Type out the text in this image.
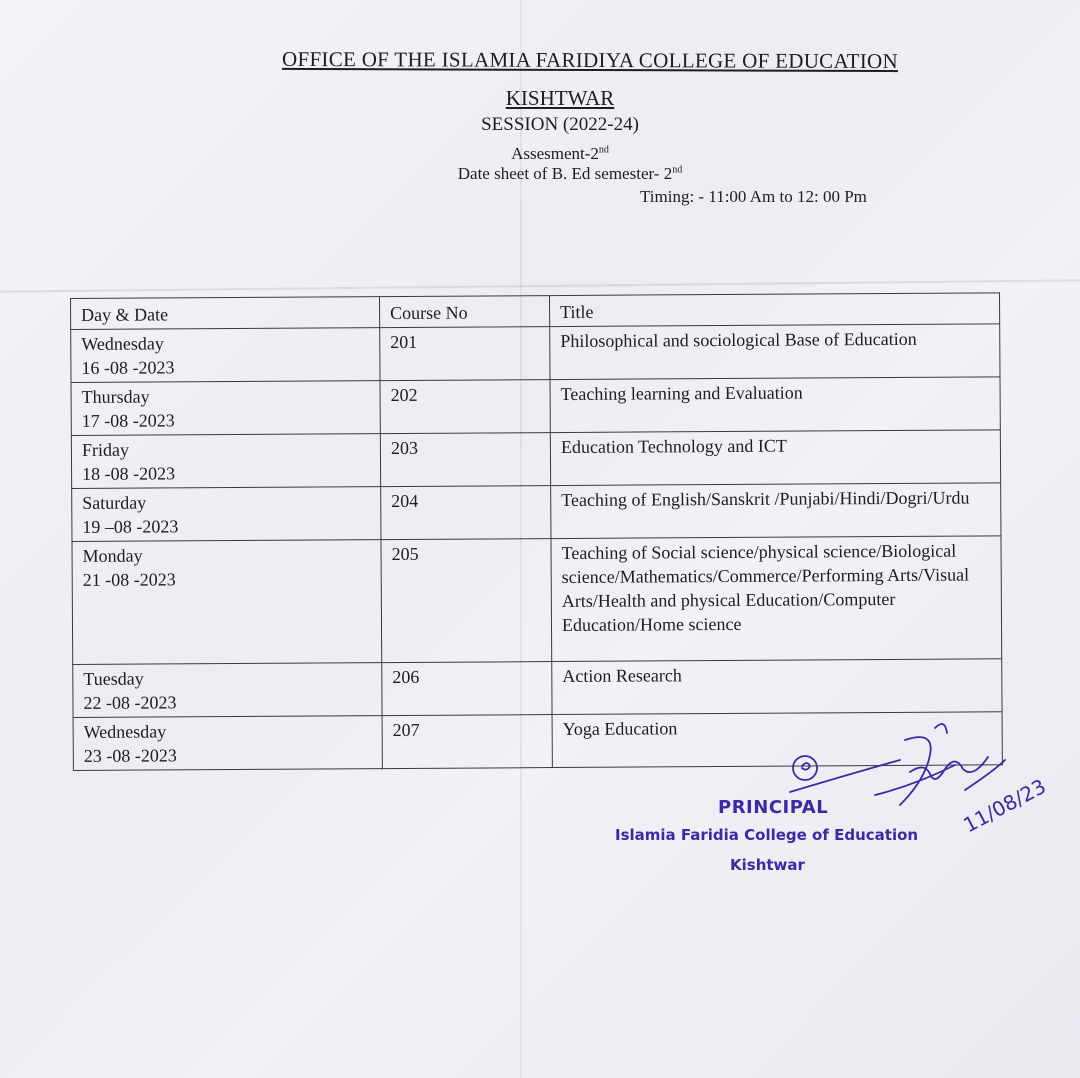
OFFICE OF THE ISLAMIA FARIDIYA COLLEGE OF EDUCATION
KISHTWAR
SESSION (2022-24)
Assesment-2nd
Date sheet of B. Ed semester- 2nd
Timing: - 11:00 Am to 12: 00 Pm
Day & Date	Course No	Title

Wednesday
16 -08 -2023	201	Philosophical and sociological Base of Education

Thursday
17 -08 -2023	202	Teaching learning and Evaluation

Friday
18 -08 -2023	203	Education Technology and ICT

Saturday
19 –08 -2023	204	Teaching of English/Sanskrit /Punjabi/Hindi/Dogri/Urdu

Monday
21 -08 -2023	205	Teaching of Social science/physical science/Biological science/Mathematics/Commerce/Performing Arts/Visual Arts/Health and physical Education/Computer Education/Home science

Tuesday
22 -08 -2023	206	Action Research

Wednesday
23 -08 -2023	207	Yoga Education
11/08/23
PRINCIPAL
Islamia Faridia College of Education
Kishtwar
